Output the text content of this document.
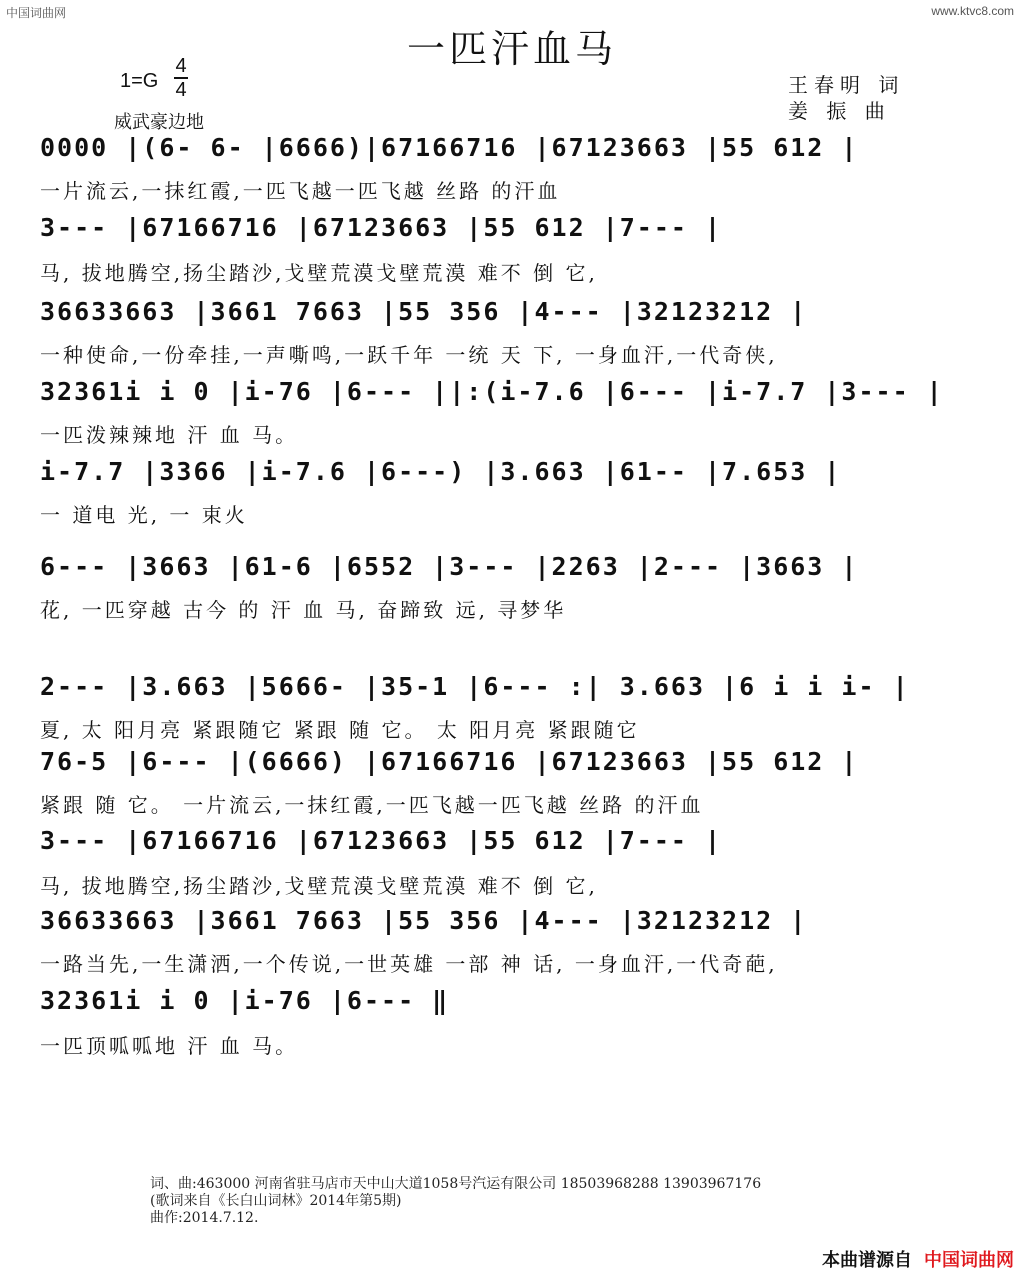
中国词曲网	www.ktvc8.com
一匹汗血马
1=G
4
4
威武豪边地
王春明 词
姜 振 曲
0000 |(6- 6- |6666)|67166716 |67123663 |55 612 |
一片流云,一抹红霞,一匹飞越一匹飞越 丝路 的汗血
3--- |67166716 |67123663 |55 612 |7--- |
马, 拔地腾空,扬尘踏沙,戈壁荒漠戈壁荒漠 难不 倒 它,
36633663 |3661 7663 |55 356 |4--- |32123212 |
一种使命,一份牵挂,一声嘶鸣,一跃千年 一统 天 下, 一身血汗,一代奇侠,
32361i i 0 |i-76 |6--- ||:(i-7.6 |6--- |i-7.7 |3--- |
一匹泼辣辣地 汗 血 马。
i-7.7 |3366 |i-7.6 |6---) |3.663 |61-- |7.653 |
一 道电 光, 一 束火
6--- |3663 |61-6 |6552 |3--- |2263 |2--- |3663 |
花, 一匹穿越 古今 的 汗 血 马, 奋蹄致 远, 寻梦华
2--- |3.663 |5666- |35-1 |6--- :| 3.663 |6 i i i- |
夏, 太 阳月亮 紧跟随它 紧跟 随 它。 太 阳月亮 紧跟随它
76-5 |6--- |(6666) |67166716 |67123663 |55 612 |
紧跟 随 它。 一片流云,一抹红霞,一匹飞越一匹飞越 丝路 的汗血
3--- |67166716 |67123663 |55 612 |7--- |
马, 拔地腾空,扬尘踏沙,戈壁荒漠戈壁荒漠 难不 倒 它,
36633663 |3661 7663 |55 356 |4--- |32123212 |
一路当先,一生潇洒,一个传说,一世英雄 一部 神 话, 一身血汗,一代奇葩,
32361i i 0 |i-76 |6--- ‖
一匹顶呱呱地 汗 血 马。
词、曲:463000 河南省驻马店市天中山大道1058号汽运有限公司 18503968288 13903967176
(歌词来自《长白山词林》2014年第5期)
曲作:2014.7.12.
本曲谱源自 中国词曲网
